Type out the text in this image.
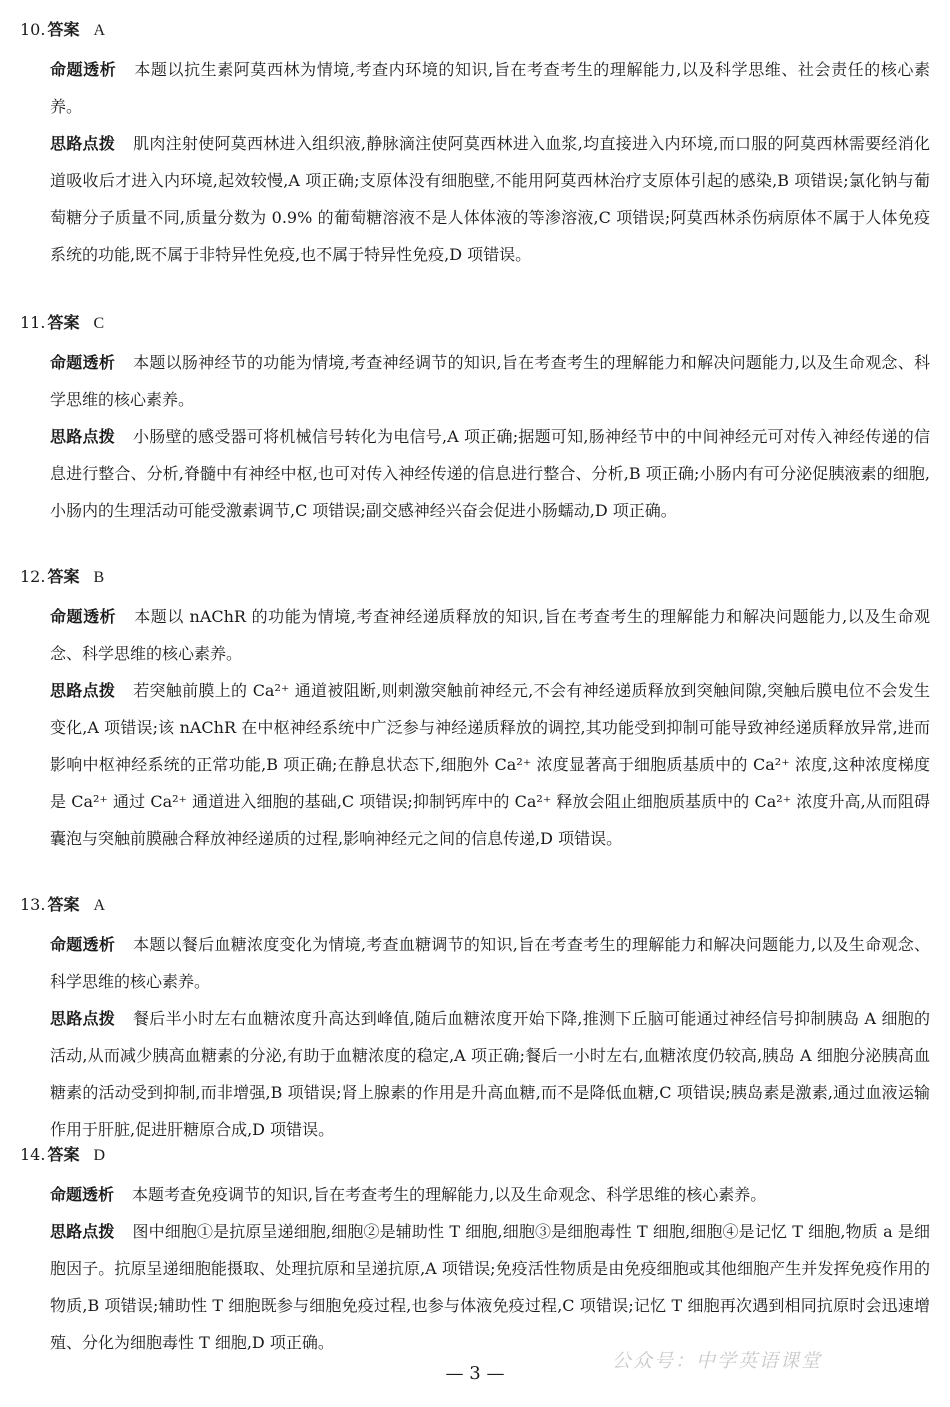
10. 答案 A

命题透析 本题以抗生素阿莫西林为情境,考查内环境的知识,旨在考查考生的理解能力,以及科学思维、社会责任的核心素养。

思路点拨 肌肉注射使阿莫西林进入组织液,静脉滴注使阿莫西林进入血浆,均直接进入内环境,而口服的阿莫西林需要经消化道吸收后才进入内环境,起效较慢,A 项正确;支原体没有细胞壁,不能用阿莫西林治疗支原体引起的感染,B 项错误;氯化钠与葡萄糖分子质量不同,质量分数为 0.9% 的葡萄糖溶液不是人体体液的等渗溶液,C 项错误;阿莫西林杀伤病原体不属于人体免疫系统的功能,既不属于非特异性免疫,也不属于特异性免疫,D 项错误。

11. 答案 C

命题透析 本题以肠神经节的功能为情境,考查神经调节的知识,旨在考查考生的理解能力和解决问题能力,以及生命观念、科学思维的核心素养。

思路点拨 小肠壁的感受器可将机械信号转化为电信号,A 项正确;据题可知,肠神经节中的中间神经元可对传入神经传递的信息进行整合、分析,脊髓中有神经中枢,也可对传入神经传递的信息进行整合、分析,B 项正确;小肠内有可分泌促胰液素的细胞,小肠内的生理活动可能受激素调节,C 项错误;副交感神经兴奋会促进小肠蠕动,D 项正确。

12. 答案 B

命题透析 本题以 nAChR 的功能为情境,考查神经递质释放的知识,旨在考查考生的理解能力和解决问题能力,以及生命观念、科学思维的核心素养。

思路点拨 若突触前膜上的 Ca²⁺ 通道被阻断,则刺激突触前神经元,不会有神经递质释放到突触间隙,突触后膜电位不会发生变化,A 项错误;该 nAChR 在中枢神经系统中广泛参与神经递质释放的调控,其功能受到抑制可能导致神经递质释放异常,进而影响中枢神经系统的正常功能,B 项正确;在静息状态下,细胞外 Ca²⁺ 浓度显著高于细胞质基质中的 Ca²⁺ 浓度,这种浓度梯度是 Ca²⁺ 通过 Ca²⁺ 通道进入细胞的基础,C 项错误;抑制钙库中的 Ca²⁺ 释放会阻止细胞质基质中的 Ca²⁺ 浓度升高,从而阻碍囊泡与突触前膜融合释放神经递质的过程,影响神经元之间的信息传递,D 项错误。

13. 答案 A

命题透析 本题以餐后血糖浓度变化为情境,考查血糖调节的知识,旨在考查考生的理解能力和解决问题能力,以及生命观念、科学思维的核心素养。

思路点拨 餐后半小时左右血糖浓度升高达到峰值,随后血糖浓度开始下降,推测下丘脑可能通过神经信号抑制胰岛 A 细胞的活动,从而减少胰高血糖素的分泌,有助于血糖浓度的稳定,A 项正确;餐后一小时左右,血糖浓度仍较高,胰岛 A 细胞分泌胰高血糖素的活动受到抑制,而非增强,B 项错误;肾上腺素的作用是升高血糖,而不是降低血糖,C 项错误;胰岛素是激素,通过血液运输作用于肝脏,促进肝糖原合成,D 项错误。

14. 答案 D

命题透析 本题考查免疫调节的知识,旨在考查考生的理解能力,以及生命观念、科学思维的核心素养。

思路点拨 图中细胞①是抗原呈递细胞,细胞②是辅助性 T 细胞,细胞③是细胞毒性 T 细胞,细胞④是记忆 T 细胞,物质 a 是细胞因子。抗原呈递细胞能摄取、处理抗原和呈递抗原,A 项错误;免疫活性物质是由免疫细胞或其他细胞产生并发挥免疫作用的物质,B 项错误;辅助性 T 细胞既参与细胞免疫过程,也参与体液免疫过程,C 项错误;记忆 T 细胞再次遇到相同抗原时会迅速增殖、分化为细胞毒性 T 细胞,D 项正确。

— 3 —
公众号：中学英语课堂
